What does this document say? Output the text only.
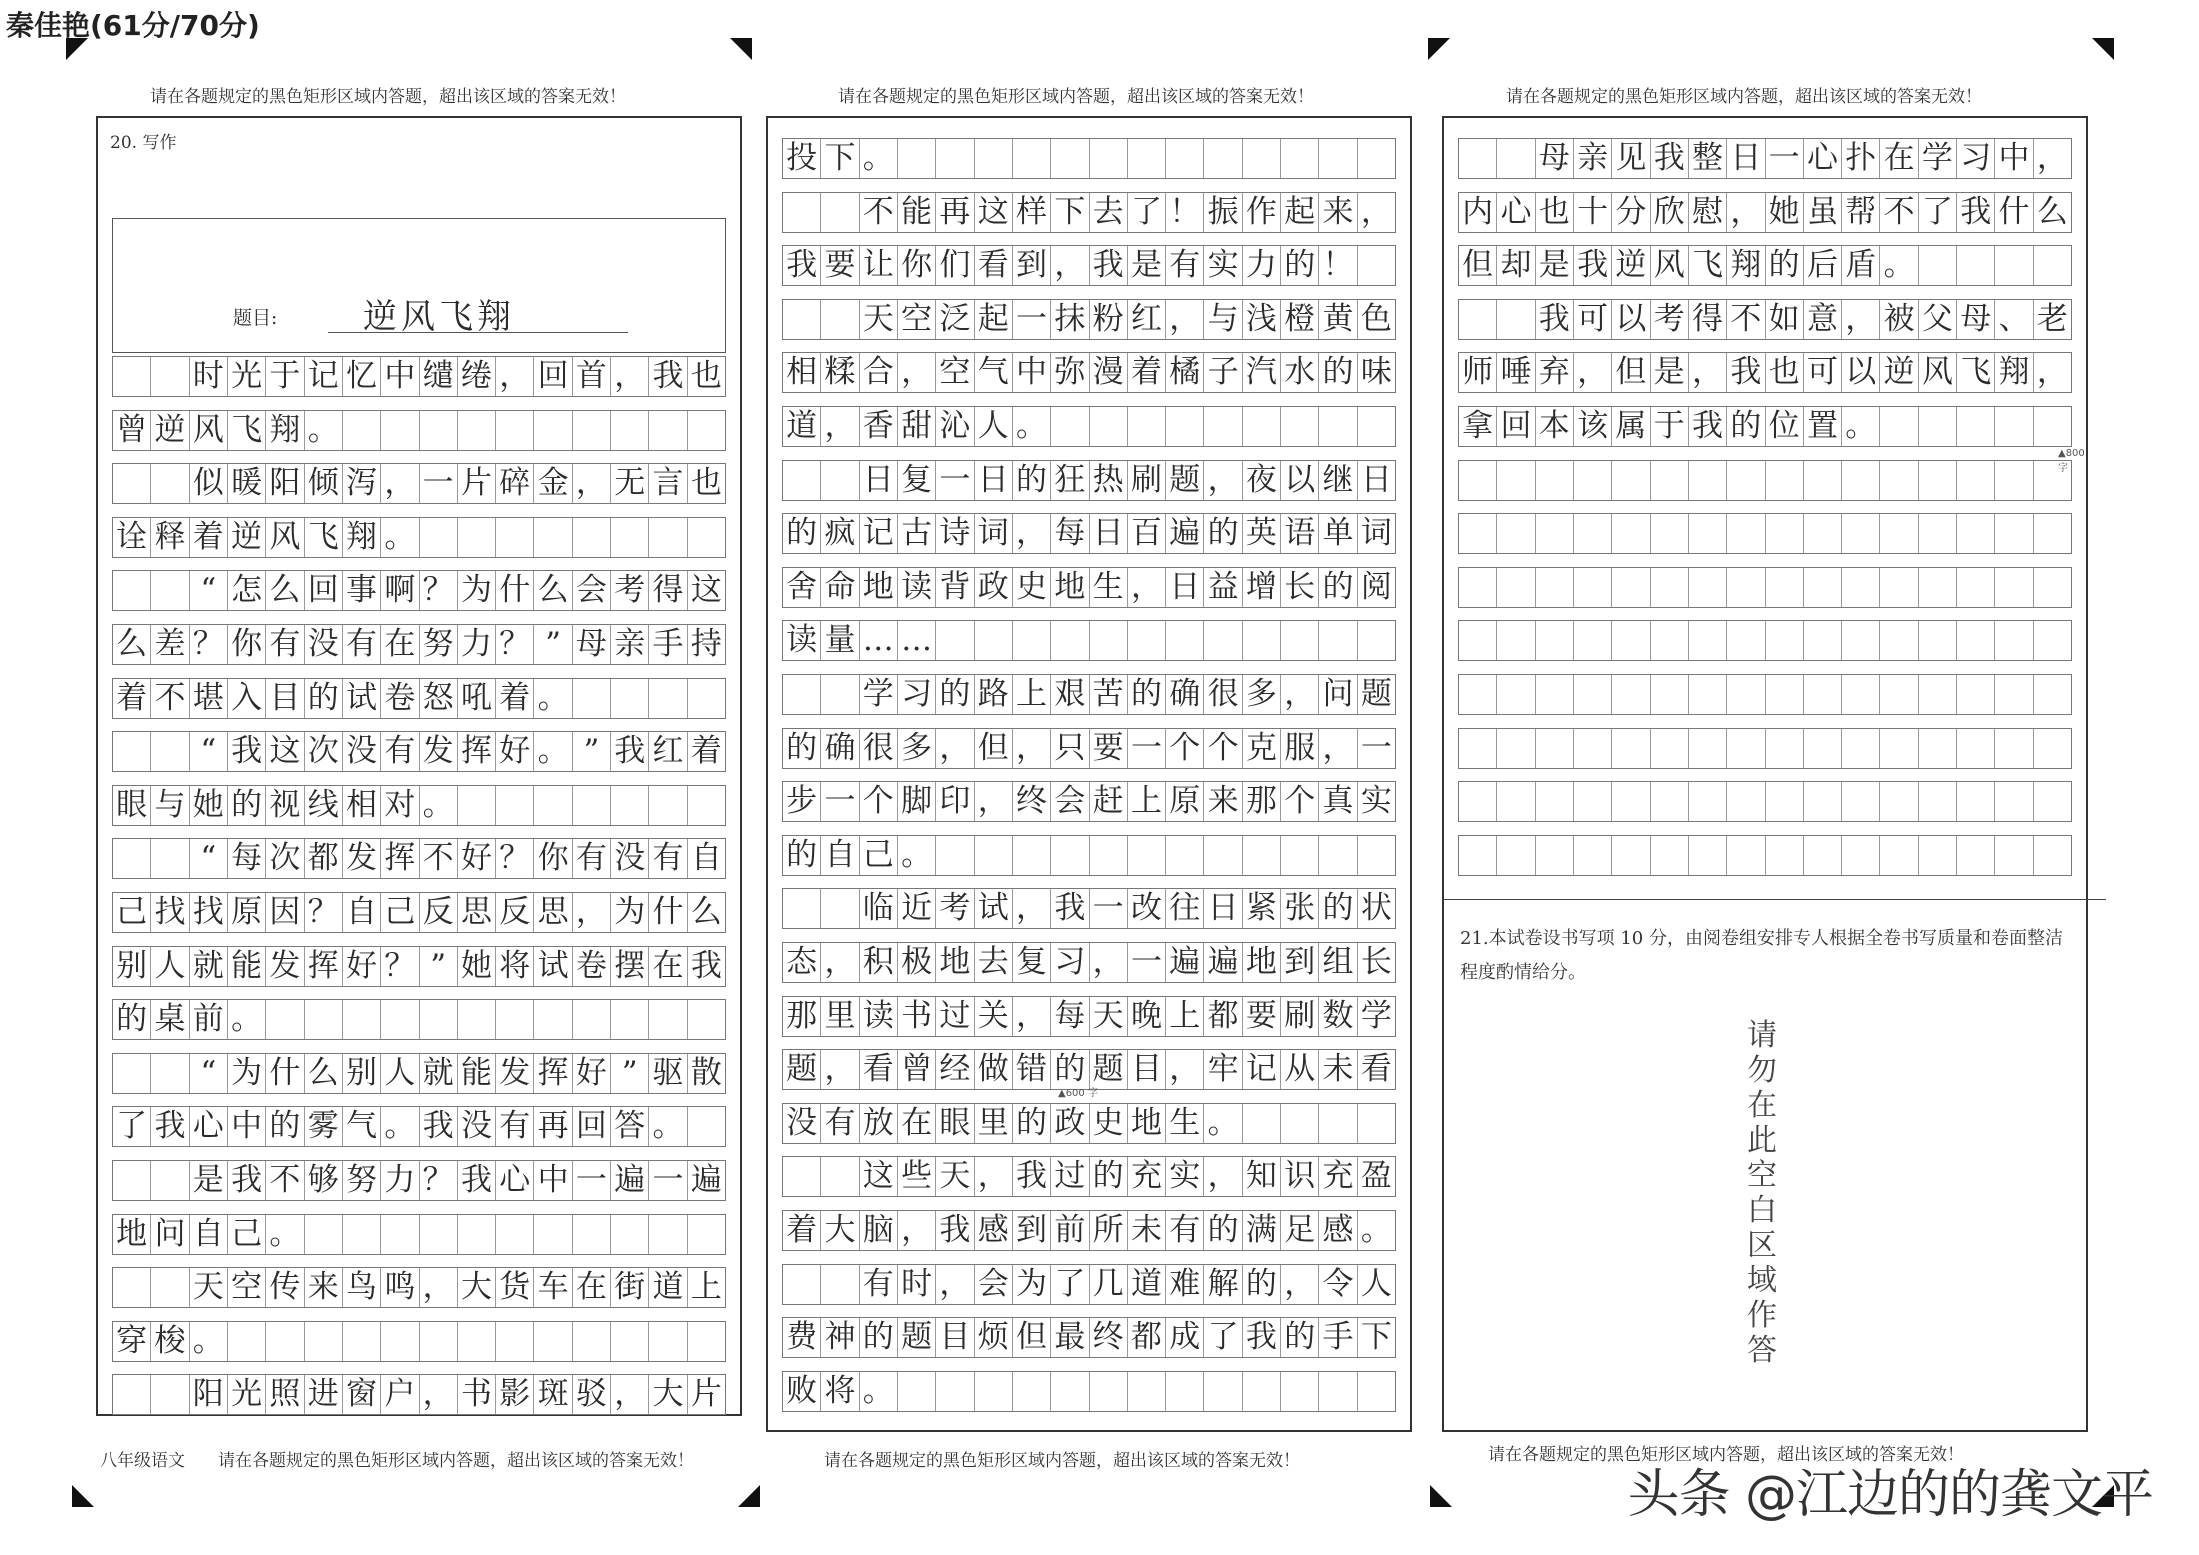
秦佳艳(61分/70分)
请在各题规定的黑色矩形区域内答题，超出该区域的答案无效！	请在各题规定的黑色矩形区域内答题，超出该区域的答案无效！	请在各题规定的黑色矩形区域内答题，超出该区域的答案无效！
八年级语文 请在各题规定的黑色矩形区域内答题，超出该区域的答案无效！	请在各题规定的黑色矩形区域内答题，超出该区域的答案无效！	请在各题规定的黑色矩形区域内答题，超出该区域的答案无效！
20. 写作
题目:	逆风飞翔
时 光 于 记 忆 中 缱 绻 ， 回 首 ， 我 也
曾 逆 风 飞 翔 。
似 暖 阳 倾 泻 ， 一 片 碎 金 ， 无 言 也
诠 释 着 逆 风 飞 翔 。
“ 怎 么 回 事 啊 ？ 为 什 么 会 考 得 这
么 差 ？ 你 有 没 有 在 努 力 ？ ” 母 亲 手 持
着 不 堪 入 目 的 试 卷 怒 吼 着 。
“ 我 这 次 没 有 发 挥 好 。 ” 我 红 着
眼 与 她 的 视 线 相 对 。
“ 每 次 都 发 挥 不 好 ？ 你 有 没 有 自
己 找 找 原 因 ？ 自 己 反 思 反 思 ， 为 什 么
别 人 就 能 发 挥 好 ？ ” 她 将 试 卷 摆 在 我
的 桌 前 。
“ 为 什 么 别 人 就 能 发 挥 好 ” 驱 散
了 我 心 中 的 雾 气 。 我 没 有 再 回 答 。
是 我 不 够 努 力 ？ 我 心 中 一 遍 一 遍
地 问 自 己 。
天 空 传 来 鸟 鸣 ， 大 货 车 在 街 道 上
穿 梭 。
阳 光 照 进 窗 户 ， 书 影 斑 驳 ， 大 片
投 下 。
不 能 再 这 样 下 去 了 ！ 振 作 起 来 ，
我 要 让 你 们 看 到 ， 我 是 有 实 力 的 ！
天 空 泛 起 一 抹 粉 红 ， 与 浅 橙 黄 色
相 糅 合 ， 空 气 中 弥 漫 着 橘 子 汽 水 的 味
道 ， 香 甜 沁 人 。
日 复 一 日 的 狂 热 刷 题 ， 夜 以 继 日
的 疯 记 古 诗 词 ， 每 日 百 遍 的 英 语 单 词
舍 命 地 读 背 政 史 地 生 ， 日 益 增 长 的 阅
读 量 … …
学 习 的 路 上 艰 苦 的 确 很 多 ， 问 题
的 确 很 多 ， 但 ， 只 要 一 个 个 克 服 ， 一
步 一 个 脚 印 ， 终 会 赶 上 原 来 那 个 真 实
的 自 己 。
临 近 考 试 ， 我 一 改 往 日 紧 张 的 状
态 ， 积 极 地 去 复 习 ， 一 遍 遍 地 到 组 长
那 里 读 书 过 关 ， 每 天 晚 上 都 要 刷 数 学
题 ， 看 曾 经 做 错 的 题 目 ， 牢 记 从 未 看
没 有 放 在 眼 里 的 政 史 地 生 。
这 些 天 ， 我 过 的 充 实 ， 知 识 充 盈
着 大 脑 ， 我 感 到 前 所 未 有 的 满 足 感 。
有 时 ， 会 为 了 几 道 难 解 的 ， 令 人
费 神 的 题 目 烦 但 最 终 都 成 了 我 的 手 下
败 将 。
▲600 字
母 亲 见 我 整 日 一 心 扑 在 学 习 中 ，
内 心 也 十 分 欣 慰 ， 她 虽 帮 不 了 我 什 么
但 却 是 我 逆 风 飞 翔 的 后 盾 。
我 可 以 考 得 不 如 意 ， 被 父 母 、 老
师 唾 弃 ， 但 是 ， 我 也 可 以 逆 风 飞 翔 ，
拿 回 本 该 属 于 我 的 位 置 。
▲800 字
21.本试卷设书写项 10 分，由阅卷组安排专人根据全卷书写质量和卷面整洁程度酌情给分。
请勿在此空白区域作答
头条 @江边的的龚文平
